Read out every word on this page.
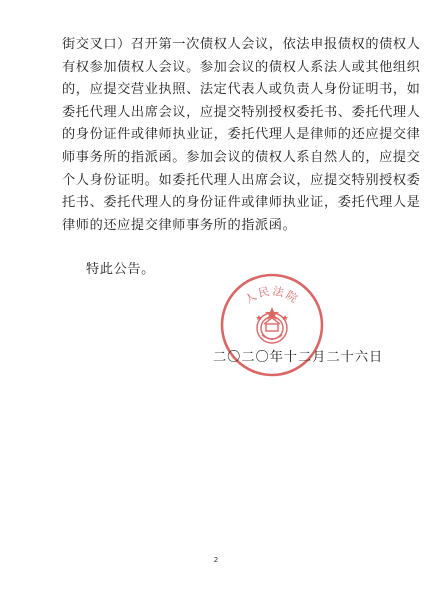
街交叉口）召开第一次债权人会议，依法申报债权的债权人
有权参加债权人会议。参加会议的债权人系法人或其他组织
的，应提交营业执照、法定代表人或负责人身份证明书，如
委托代理人出席会议，应提交特别授权委托书、委托代理人
的身份证件或律师执业证，委托代理人是律师的还应提交律
师事务所的指派函。参加会议的债权人系自然人的，应提交
个人身份证明。如委托代理人出席会议，应提交特别授权委
托书、委托代理人的身份证件或律师执业证，委托代理人是
律师的还应提交律师事务所的指派函。
特此公告。
人民法院
二〇二〇年十二月二十六日
2
